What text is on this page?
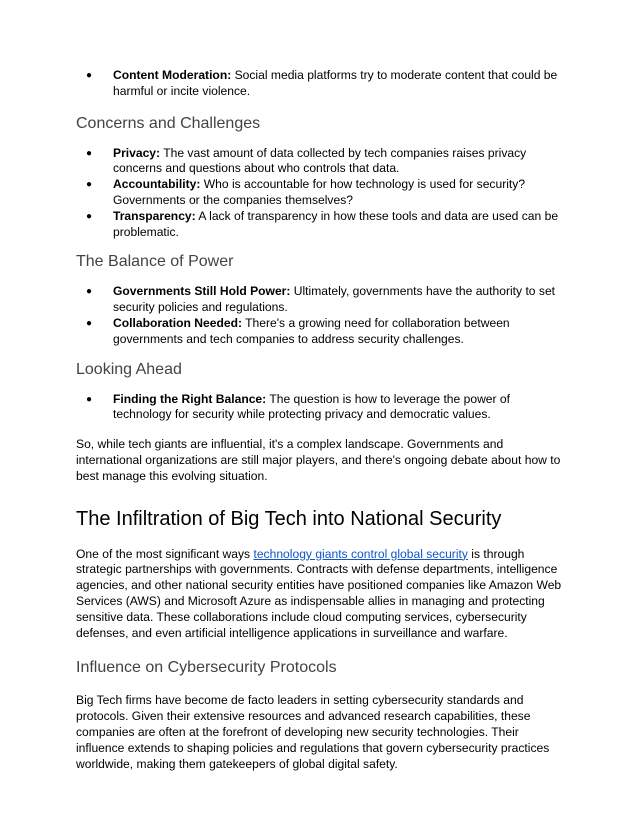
● Content Moderation: Social media platforms try to moderate content that could be harmful or incite violence.
Concerns and Challenges
● Privacy: The vast amount of data collected by tech companies raises privacy concerns and questions about who controls that data.
● Accountability: Who is accountable for how technology is used for security? Governments or the companies themselves?
● Transparency: A lack of transparency in how these tools and data are used can be problematic.
The Balance of Power
● Governments Still Hold Power: Ultimately, governments have the authority to set security policies and regulations.
● Collaboration Needed: There's a growing need for collaboration between governments and tech companies to address security challenges.
Looking Ahead
● Finding the Right Balance: The question is how to leverage the power of technology for security while protecting privacy and democratic values.

So, while tech giants are influential, it's a complex landscape. Governments and international organizations are still major players, and there's ongoing debate about how to best manage this evolving situation.

The Infiltration of Big Tech into National Security

One of the most significant ways technology giants control global security is through strategic partnerships with governments. Contracts with defense departments, intelligence agencies, and other national security entities have positioned companies like Amazon Web Services (AWS) and Microsoft Azure as indispensable allies in managing and protecting sensitive data. These collaborations include cloud computing services, cybersecurity defenses, and even artificial intelligence applications in surveillance and warfare.

Influence on Cybersecurity Protocols

Big Tech firms have become de facto leaders in setting cybersecurity standards and protocols. Given their extensive resources and advanced research capabilities, these companies are often at the forefront of developing new security technologies. Their influence extends to shaping policies and regulations that govern cybersecurity practices worldwide, making them gatekeepers of global digital safety.
